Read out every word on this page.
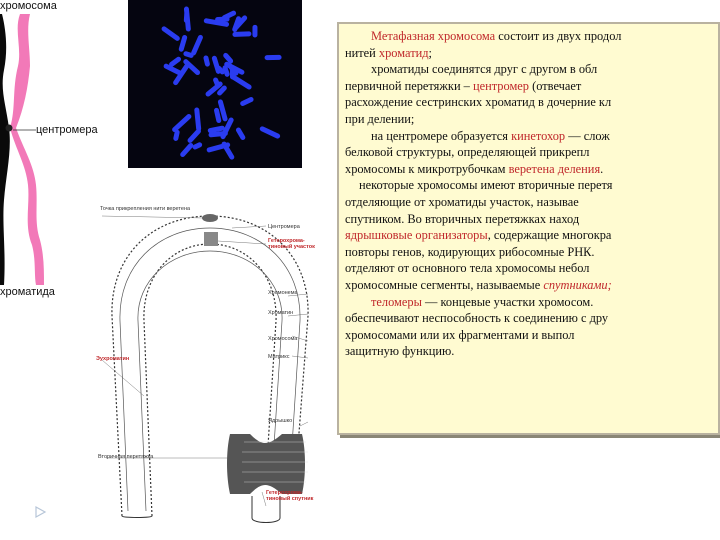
хромосома
центромера
хроматида
Точка прикрепления нити веретена
Центромера
Гетерохрома-тиновый участок
Хромонема
Эухроматин
Хроматин
Хромосома
Матрикс
Ядрышко
Вторичная перетяжка
Гетерохрома-тиновый спутник
Метафазная хромосома состоит из двух продол
нитей хроматид;
хроматиды соединятся друг с другом в обл
первичной перетяжки – центромер (отвечает
расхождение сестринских хроматид в дочерние кл
при делении;
на центромере образуется кинетохор — слож
белковой структуры, определяющей прикрепл
хромосомы к микротрубочкам веретена деления.
некоторые хромосомы имеют вторичные перетя
отделяющие от хроматиды участок, называе
спутником. Во вторичных перетяжках наход
ядрышковые организаторы, содержащие многокра
повторы генов, кодирующих рибосомные РНК.
отделяют от основного тела хромосомы небол
хромосомные сегменты, называемые спутниками;
теломеры — концевые участки хромосом.
обеспечивают неспособность к соединению с дру
хромосомами или их фрагментами и выпол
защитную функцию.
